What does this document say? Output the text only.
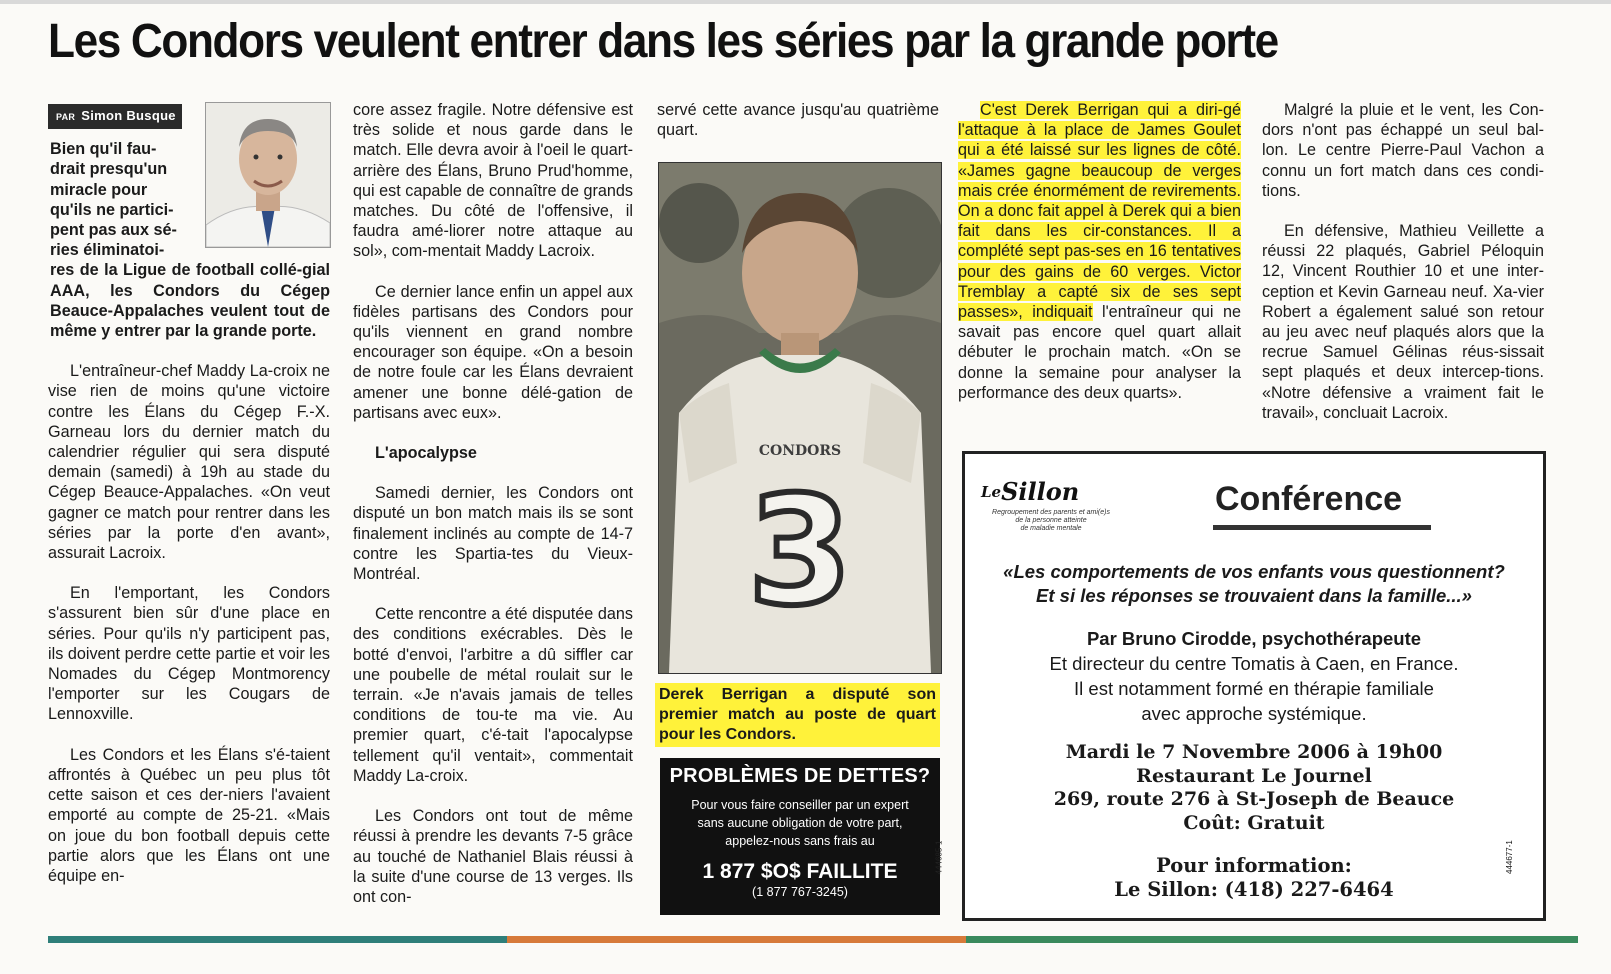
Les Condors veulent entrer dans les séries par la grande porte
PAR Simon Busque
Bien qu'il fau-
drait presqu'un
miracle pour
qu'ils ne partici-
pent pas aux sé-
ries éliminatoi-
res de la Ligue de football collé-gial AAA, les Condors du Cégep Beauce-Appalaches veulent tout de même y entrer par la grande porte.

L'entraîneur-chef Maddy La-croix ne vise rien de moins qu'une victoire contre les Élans du Cégep F.-X. Garneau lors du dernier match du calendrier régulier qui sera disputé demain (samedi) à 19h au stade du Cégep Beauce-Appalaches. «On veut gagner ce match pour rentrer dans les séries par la porte d'en avant», assurait Lacroix.

En l'emportant, les Condors s'assurent bien sûr d'une place en séries. Pour qu'ils n'y participent pas, ils doivent perdre cette partie et voir les Nomades du Cégep Montmorency l'emporter sur les Cougars de Lennoxville.

Les Condors et les Élans s'é-taient affrontés à Québec un peu plus tôt cette saison et ces der-niers l'avaient emporté au compte de 25-21. «Mais on joue du bon football depuis cette partie alors que les Élans ont une équipe en-

core assez fragile. Notre défensive est très solide et nous garde dans le match. Elle devra avoir à l'oeil le quart-arrière des Élans, Bruno Prud'homme, qui est capable de connaître de grands matches. Du côté de l'offensive, il faudra amé-liorer notre attaque au sol», com-mentait Maddy Lacroix.

Ce dernier lance enfin un appel aux fidèles partisans des Condors pour qu'ils viennent en grand nombre encourager son équipe. «On a besoin de notre foule car les Élans devraient amener une bonne délé-gation de partisans avec eux».

L'apocalypse

Samedi dernier, les Condors ont disputé un bon match mais ils se sont finalement inclinés au compte de 14-7 contre les Spartia-tes du Vieux-Montréal.

Cette rencontre a été disputée dans des conditions exécrables. Dès le botté d'envoi, l'arbitre a dû siffler car une poubelle de métal roulait sur le terrain. «Je n'avais jamais de telles conditions de tou-te ma vie. Au premier quart, c'é-tait l'apocalypse tellement qu'il ventait», commentait Maddy La-croix.

Les Condors ont tout de même réussi à prendre les devants 7-5 grâce au touché de Nathaniel Blais réussi à la suite d'une course de 13 verges. Ils ont con-

servé cette avance jusqu'au quatrième quart.

CONDORS
3
Derek Berrigan a disputé son premier match au poste de quart pour les Condors.
PROBLÈMES DE DETTES?
Pour vous faire conseiller par un expert
sans aucune obligation de votre part,
appelez-nous sans frais au
1 877 $O$ FAILLITE
(1 877 767-3245)
444685-1

C'est Derek Berrigan qui a diri-gé l'attaque à la place de James Goulet qui a été laissé sur les lignes de côté. «James gagne beaucoup de verges mais crée énormément de revirements. On a donc fait appel à Derek qui a bien fait dans les cir-constances. Il a complété sept pas-ses en 16 tentatives pour des gains de 60 verges. Victor Tremblay a capté six de ses sept passes», indiquait l'entraîneur qui ne savait pas encore quel quart allait débuter le prochain match. «On se donne la semaine pour analyser la performance des deux quarts».

Malgré la pluie et le vent, les Con-dors n'ont pas échappé un seul bal-lon. Le centre Pierre-Paul Vachon a connu un fort match dans ces condi-tions.

En défensive, Mathieu Veillette a réussi 22 plaqués, Gabriel Péloquin 12, Vincent Routhier 10 et une inter-ception et Kevin Garneau neuf. Xa-vier Robert a également salué son retour au jeu avec neuf plaqués alors que la recrue Samuel Gélinas réus-sissait sept plaqués et deux intercep-tions. «Notre défensive a vraiment fait le travail», concluait Lacroix.

$^{Le}$Sillon
Regroupement des parents et ami(e)s
de la personne atteinte
de maladie mentale
Conférence
«Les comportements de vos enfants vous questionnent?
Et si les réponses se trouvaient dans la famille...»
Par Bruno Cirodde, psychothérapeute
Et directeur du centre Tomatis à Caen, en France.
Il est notamment formé en thérapie familiale
avec approche systémique.
Mardi le 7 Novembre 2006 à 19h00
Restaurant Le Journel
269, route 276 à St-Joseph de Beauce
Coût: Gratuit
Pour information:
Le Sillon: (418) 227-6464
444677-1
